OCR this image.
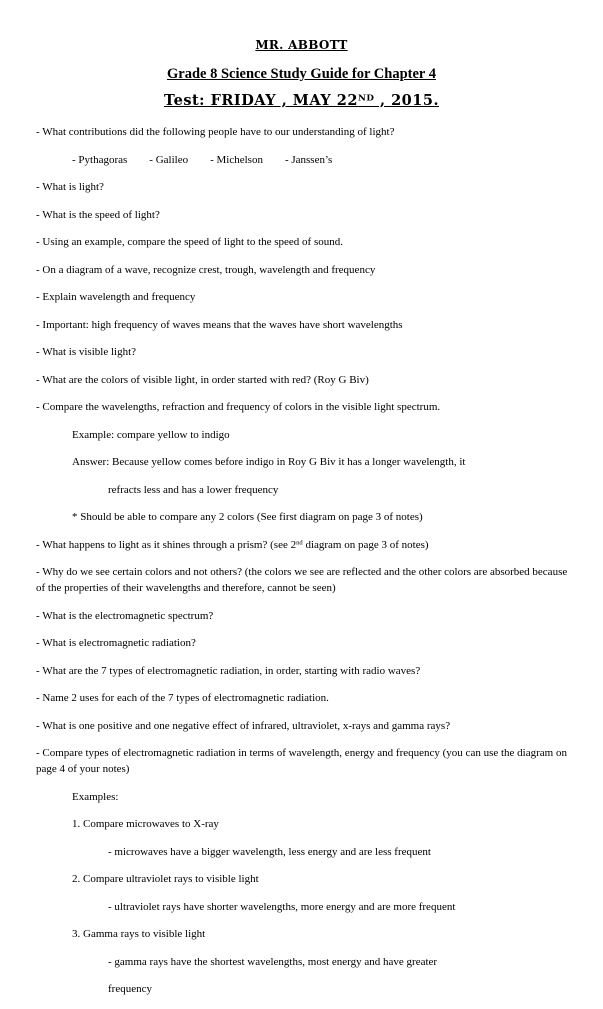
MR. ABBOTT
Grade 8 Science Study Guide for Chapter 4
Test: FRIDAY , MAY 22ND , 2015.

- What contributions did the following people have to our understanding of light?

- Pythagoras - Galileo - Michelson - Janssen’s

- What is light?

- What is the speed of light?

- Using an example, compare the speed of light to the speed of sound.

- On a diagram of a wave, recognize crest, trough, wavelength and frequency

- Explain wavelength and frequency

- Important: high frequency of waves means that the waves have short wavelengths

- What is visible light?

- What are the colors of visible light, in order started with red? (Roy G Biv)

- Compare the wavelengths, refraction and frequency of colors in the visible light spectrum.

Example: compare yellow to indigo

Answer: Because yellow comes before indigo in Roy G Biv it has a longer wavelength, it

refracts less and has a lower frequency

* Should be able to compare any 2 colors (See first diagram on page 3 of notes)

- What happens to light as it shines through a prism? (see 2nd diagram on page 3 of notes)

- Why do we see certain colors and not others? (the colors we see are reflected and the other colors are absorbed because of the properties of their wavelengths and therefore, cannot be seen)

- What is the electromagnetic spectrum?

- What is electromagnetic radiation?

- What are the 7 types of electromagnetic radiation, in order, starting with radio waves?

- Name 2 uses for each of the 7 types of electromagnetic radiation.

- What is one positive and one negative effect of infrared, ultraviolet, x-rays and gamma rays?

- Compare types of electromagnetic radiation in terms of wavelength, energy and frequency (you can use the diagram on page 4 of your notes)

Examples:

1. Compare microwaves to X-ray

- microwaves have a bigger wavelength, less energy and are less frequent

2. Compare ultraviolet rays to visible light

- ultraviolet rays have shorter wavelengths, more energy and are more frequent

3. Gamma rays to visible light

- gamma rays have the shortest wavelengths, most energy and have greater

frequency
